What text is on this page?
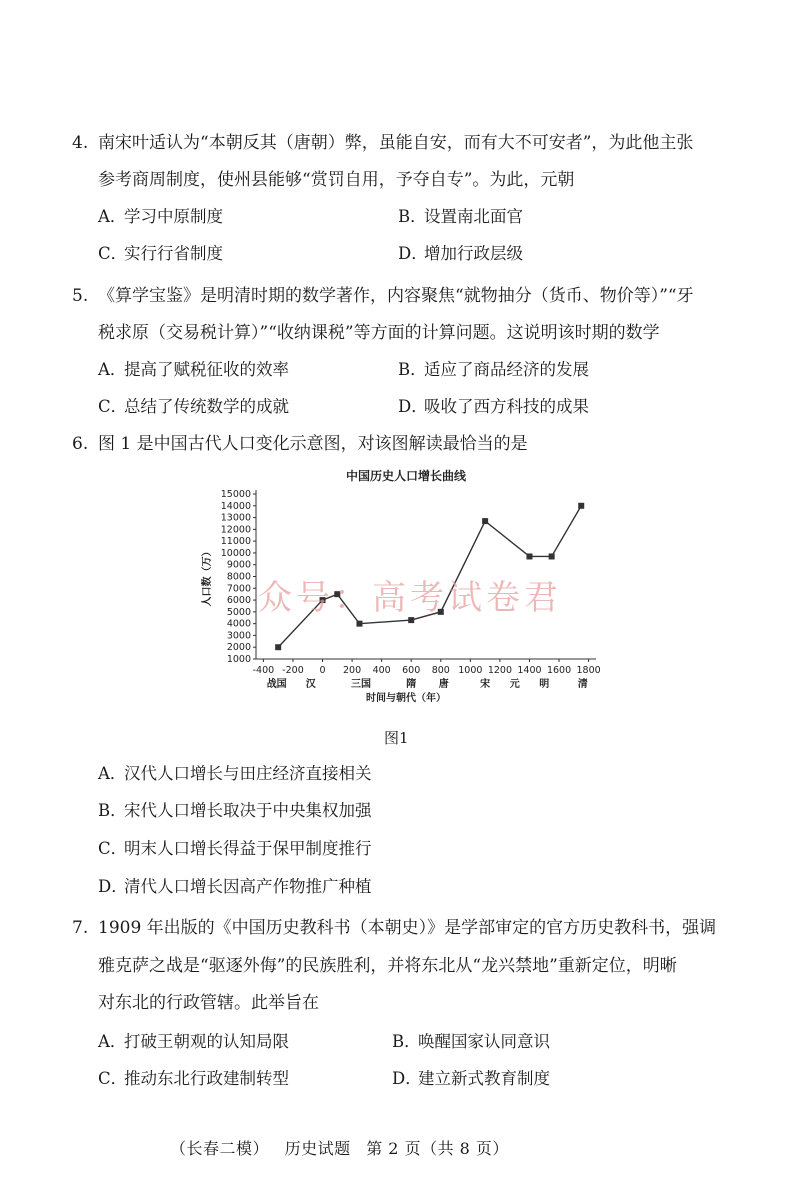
4. 南宋叶适认为“本朝反其（唐朝）弊，虽能自安，而有大不可安者”，为此他主张
参考商周制度，使州县能够“赏罚自用，予夺自专”。为此，元朝
A．学习中原制度	B．设置南北面官
C．实行行省制度	D．增加行政层级
5. 《算学宝鉴》是明清时期的数学著作，内容聚焦“就物抽分（货币、物价等）”“牙
税求原（交易税计算）”“收纳课税”等方面的计算问题。这说明该时期的数学
A．提高了赋税征收的效率	B．适应了商品经济的发展
C．总结了传统数学的成就	D．吸收了西方科技的成果
6. 图 1 是中国古代人口变化示意图，对该图解读最恰当的是
中国历史人口增长曲线
1000
2000
3000
4000
5000
6000
7000
8000
9000
10000
11000
12000
13000
14000
15000
-400 -200 0 200 400 600 800 1000 1200 1400 1600 1800
战国 汉	三国	隋 唐	宋 元 明	清
时间与朝代（年）
人口数（万） 众号：高考试卷君
图1
A．汉代人口增长与田庄经济直接相关
B．宋代人口增长取决于中央集权加强
C．明末人口增长得益于保甲制度推行
D．清代人口增长因高产作物推广种植
7. 1909 年出版的《中国历史教科书（本朝史）》是学部审定的官方历史教科书，强调
雅克萨之战是“驱逐外侮”的民族胜利，并将东北从“龙兴禁地”重新定位，明晰
对东北的行政管辖。此举旨在
A．打破王朝观的认知局限	B．唤醒国家认同意识
C．推动东北行政建制转型	D．建立新式教育制度
（长春二模） 历史试题 第 2 页（共 8 页）
